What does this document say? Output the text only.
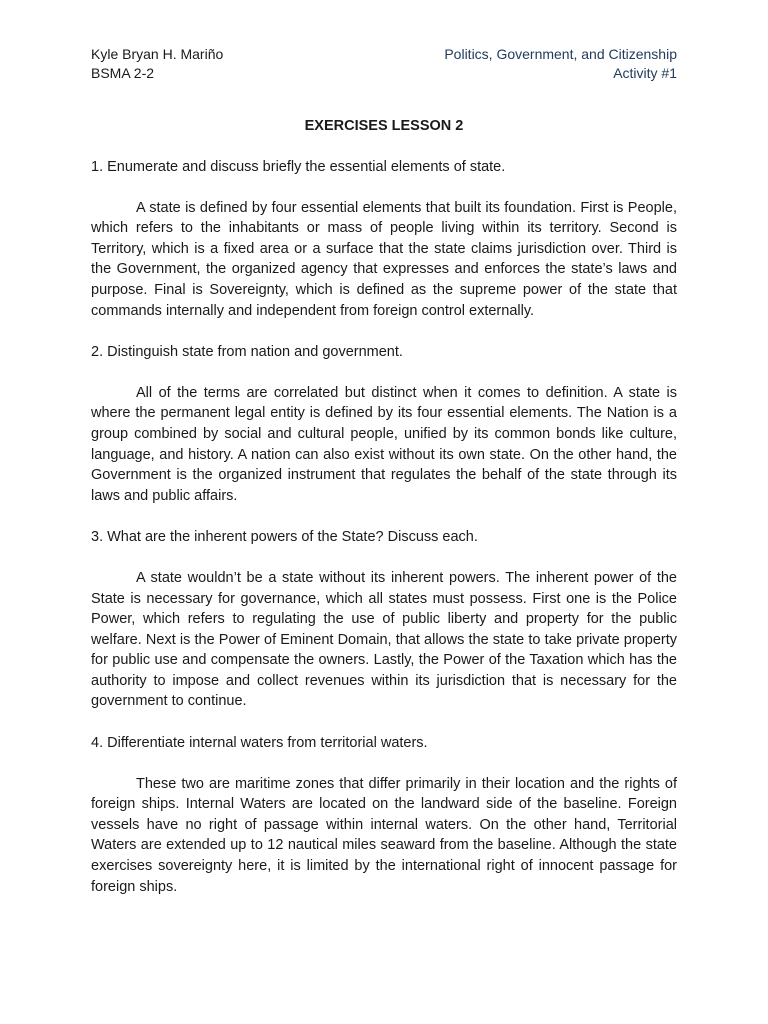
Kyle Bryan H. Mariño
BSMA 2-2
Politics, Government, and Citizenship
Activity #1
EXERCISES LESSON 2

1. Enumerate and discuss briefly the essential elements of state.

A state is defined by four essential elements that built its foundation. First is People, which refers to the inhabitants or mass of people living within its territory. Second is Territory, which is a fixed area or a surface that the state claims jurisdiction over. Third is the Government, the organized agency that expresses and enforces the state’s laws and purpose. Final is Sovereignty, which is defined as the supreme power of the state that commands internally and independent from foreign control externally.

2. Distinguish state from nation and government.

All of the terms are correlated but distinct when it comes to definition. A state is where the permanent legal entity is defined by its four essential elements. The Nation is a group combined by social and cultural people, unified by its common bonds like culture, language, and history. A nation can also exist without its own state. On the other hand, the Government is the organized instrument that regulates the behalf of the state through its laws and public affairs.

3. What are the inherent powers of the State? Discuss each.

A state wouldn’t be a state without its inherent powers. The inherent power of the State is necessary for governance, which all states must possess. First one is the Police Power, which refers to regulating the use of public liberty and property for the public welfare. Next is the Power of Eminent Domain, that allows the state to take private property for public use and compensate the owners. Lastly, the Power of the Taxation which has the authority to impose and collect revenues within its jurisdiction that is necessary for the government to continue.

4. Differentiate internal waters from territorial waters.

These two are maritime zones that differ primarily in their location and the rights of foreign ships. Internal Waters are located on the landward side of the baseline. Foreign vessels have no right of passage within internal waters. On the other hand, Territorial Waters are extended up to 12 nautical miles seaward from the baseline. Although the state exercises sovereignty here, it is limited by the international right of innocent passage for foreign ships.
